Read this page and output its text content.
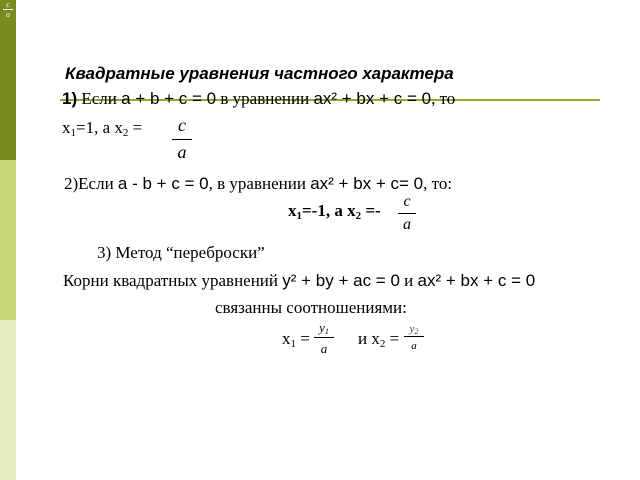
c
a
Квадратные уравнения частного характера
1) Если a + b + c = 0 в уравнении ax² + bx + c = 0, то
$x_1=1$, а $x_2 = c$
a
2)Если a - b + c = 0, в уравнении ax² + bx + c= 0, то:
$x_1=-1$, а $x_2 =- c$
a
3) Метод “переброски”
Корни квадратных уравнений y² + by + ac = 0 и ax² + bx + c = 0
связанны соотношениями:
$x_1$ =
$y_1$
a
и $x_2 = y_2$
a
